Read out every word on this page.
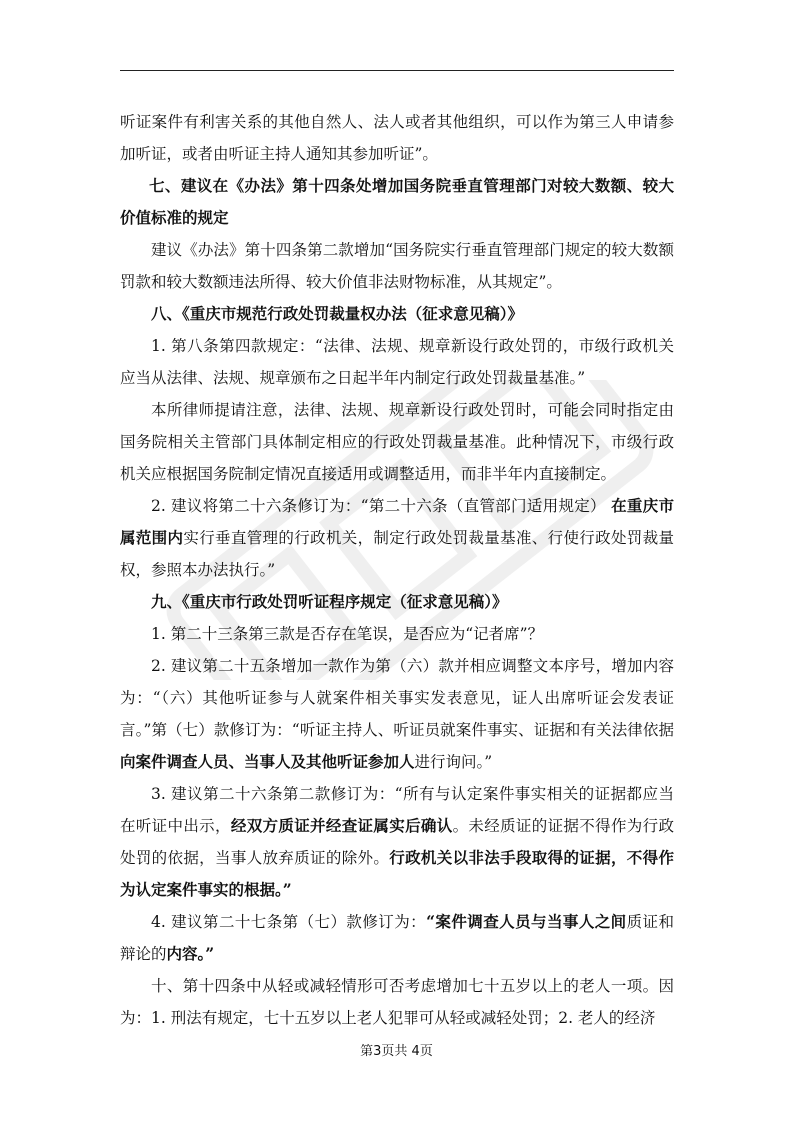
听证案件有利害关系的其他自然人、法人或者其他组织，可以作为第三人申请参加听证，或者由听证主持人通知其参加听证”。

七、建议在《办法》第十四条处增加国务院垂直管理部门对较大数额、较大价值标准的规定

建议《办法》第十四条第二款增加“国务院实行垂直管理部门规定的较大数额罚款和较大数额违法所得、较大价值非法财物标准，从其规定”。

八、《重庆市规范行政处罚裁量权办法（征求意见稿）》

1. 第八条第四款规定：“法律、法规、规章新设行政处罚的，市级行政机关应当从法律、法规、规章颁布之日起半年内制定行政处罚裁量基准。”

本所律师提请注意，法律、法规、规章新设行政处罚时，可能会同时指定由国务院相关主管部门具体制定相应的行政处罚裁量基准。此种情况下，市级行政机关应根据国务院制定情况直接适用或调整适用，而非半年内直接制定。

2. 建议将第二十六条修订为：“第二十六条（直管部门适用规定） 在重庆市属范围内实行垂直管理的行政机关，制定行政处罚裁量基准、行使行政处罚裁量权，参照本办法执行。”

九、《重庆市行政处罚听证程序规定（征求意见稿）》

1. 第二十三条第三款是否存在笔误，是否应为“记者席”？

2. 建议第二十五条增加一款作为第（六）款并相应调整文本序号，增加内容为：“（六）其他听证参与人就案件相关事实发表意见，证人出席听证会发表证言。”第（七）款修订为：“听证主持人、听证员就案件事实、证据和有关法律依据向案件调查人员、当事人及其他听证参加人进行询问。”

3. 建议第二十六条第二款修订为：“所有与认定案件事实相关的证据都应当在听证中出示，经双方质证并经查证属实后确认。未经质证的证据不得作为行政处罚的依据，当事人放弃质证的除外。行政机关以非法手段取得的证据，不得作为认定案件事实的根据。”

4. 建议第二十七条第（七）款修订为：“案件调查人员与当事人之间质证和辩论的内容。”

十、第十四条中从轻或减轻情形可否考虑增加七十五岁以上的老人一项。因为：1. 刑法有规定，七十五岁以上老人犯罪可从轻或减轻处罚；2. 老人的经济

第3页共 4页
